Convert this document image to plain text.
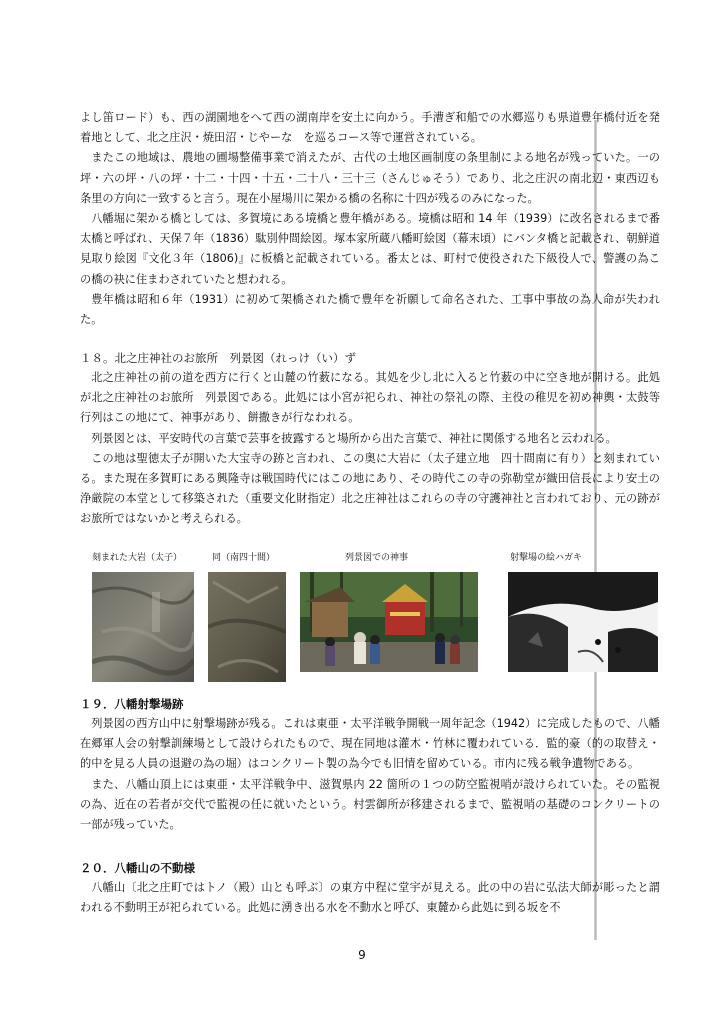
よし笛ロード）も、西の湖園地をへて西の湖南岸を安土に向かう。手漕ぎ和船での水郷巡りも県道豊年橋付近を発着地として、北之庄沢・焼田沼・じやーな　を巡るコース等で運営されている。

またこの地域は、農地の圃場整備事業で消えたが、古代の土地区画制度の条里制による地名が残っていた。一の坪・六の坪・八の坪・十二・十四・十五・二十八・三十三（さんじゅそう）であり、北之庄沢の南北辺・東西辺も条里の方向に一致すると言う。現在小屋場川に架かる橋の名称に十四が残るのみになった。

八幡堀に架かる橋としては、多賀境にある境橋と豊年橋がある。境橋は昭和 14 年（1939）に改名されるまで番太橋と呼ばれ、天保７年（1836）駄別仲間絵図。塚本家所蔵八幡町絵図（幕末頃）にバンタ橋と記載され、朝鮮道見取り絵図『文化３年（1806)』に板橋と記載されている。番太とは、町村で使役された下級役人で、警護の為この橋の袂に住まわされていたと想われる。

豊年橋は昭和６年（1931）に初めて架橋された橋で豊年を祈願して命名された、工事中事故の為人命が失われた。

１８。北之庄神社のお旅所　列景図（れっけ（い）ず

北之庄神社の前の道を西方に行くと山麓の竹薮になる。其処を少し北に入ると竹薮の中に空き地が開ける。此処が北之庄神社のお旅所　列景図である。此処には小宮が祀られ、神社の祭礼の際、主役の稚児を初め神輿・太鼓等行列はこの地にて、神事があり、餅撒きが行なわれる。

列景図とは、平安時代の言葉で芸事を披露すると場所から出た言葉で、神社に関係する地名と云われる。

この地は聖徳太子が開いた大宝寺の跡と言われ、この奥に大岩に（太子建立地　四十間南に有り）と刻まれている。また現在多賀町にある興隆寺は戦国時代にはこの地にあり、その時代この寺の弥勒堂が織田信長により安土の浄厳院の本堂として移築された（重要文化財指定）北之庄神社はこれらの寺の守護神社と言われており、元の跡がお旅所ではないかと考えられる。

刻まれた大岩（太子）	同（南四十間）	列景図での神事	射撃場の絵ハガキ
１９．八幡射撃場跡

列景図の西方山中に射撃場跡が残る。これは東亜・太平洋戦争開戦一周年記念（1942）に完成したもので、八幡在郷軍人会の射撃訓練場として設けられたもので、現在同地は灌木・竹林に覆われている．監的豪（的の取替え・的中を見る人員の退避の為の堀）はコンクリート製の為今でも旧情を留めている。市内に残る戦争遺物である。

また、八幡山頂上には東亜・太平洋戦争中、滋賀県内 22 箇所の１つの防空監視哨が設けられていた。その監視の為、近在の若者が交代で監視の任に就いたという。村雲御所が移建されるまで、監視哨の基礎のコンクリートの一部が残っていた。

２０．八幡山の不動様

八幡山〔北之庄町ではトノ（殿）山とも呼ぶ〕の東方中程に堂宇が見える。此の中の岩に弘法大師が彫ったと謂われる不動明王が祀られている。此処に湧き出る水を不動水と呼び、東麓から此処に到る坂を不

9
